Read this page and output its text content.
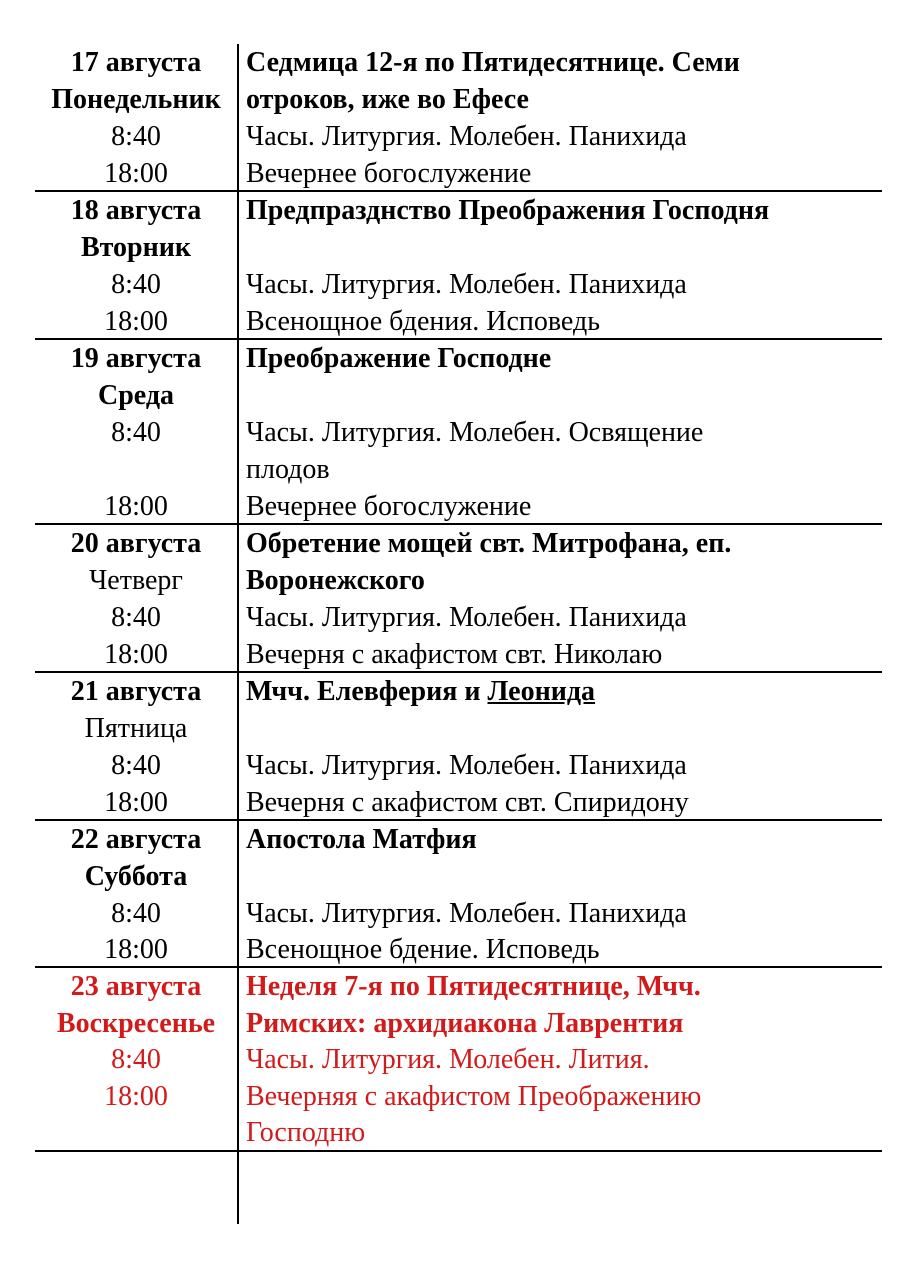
17 августа
Понедельник
8:40
18:00
Седмица 12-я по Пятидесятнице. Семи
отроков, иже во Ефесе
Часы. Литургия. Молебен. Панихида
Вечернее богослужение
18 августа
Вторник
8:40
18:00
Предпразднство Преображения Господня
Часы. Литургия. Молебен. Панихида
Всенощное бдения. Исповедь
19 августа
Среда
8:40
18:00
Преображение Господне
Часы. Литургия. Молебен. Освящение
плодов
Вечернее богослужение
20 августа
Четверг
8:40
18:00
Обретение мощей свт. Митрофана, еп.
Воронежского
Часы. Литургия. Молебен. Панихида
Вечерня с акафистом свт. Николаю
21 августа
Пятница
8:40
18:00
Мчч. Елевферия и Леонида
Часы. Литургия. Молебен. Панихида
Вечерня с акафистом свт. Спиридону
22 августа
Суббота
8:40
18:00
Апостола Матфия
Часы. Литургия. Молебен. Панихида
Всенощное бдение. Исповедь
23 августа
Воскресенье
8:40
18:00
Неделя 7-я по Пятидесятнице, Мчч.
Римских: архидиакона Лаврентия
Часы. Литургия. Молебен. Лития.
Вечерняя с акафистом Преображению
Господню
